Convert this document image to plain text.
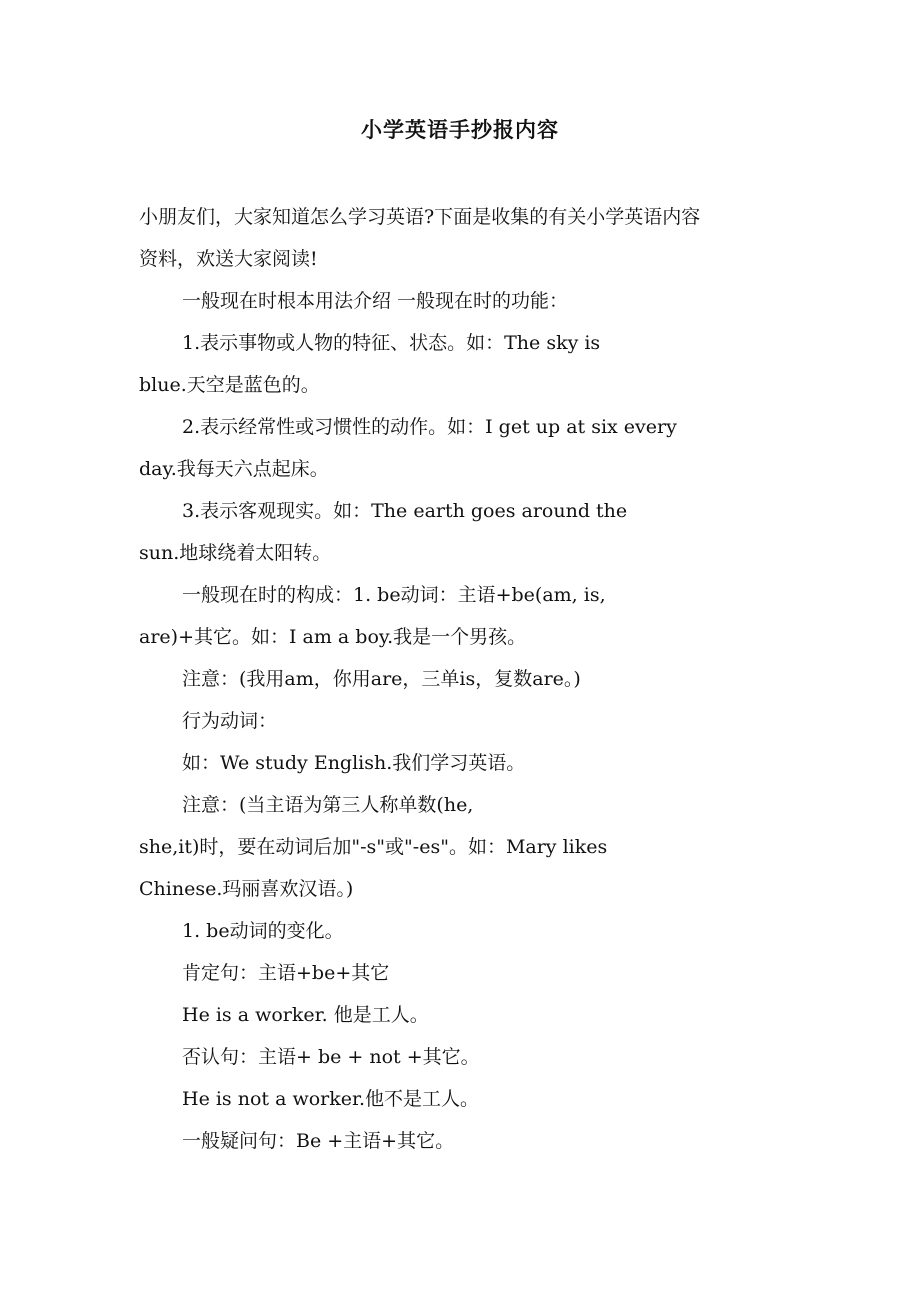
小学英语手抄报内容
小朋友们，大家知道怎么学习英语?下面是收集的有关小学英语内容
资料，欢送大家阅读!
一般现在时根本用法介绍 一般现在时的功能：
1.表示事物或人物的特征、状态。如：The sky is
blue.天空是蓝色的。
2.表示经常性或习惯性的动作。如：I get up at six every
day.我每天六点起床。
3.表示客观现实。如：The earth goes around the
sun.地球绕着太阳转。
一般现在时的构成：1. be动词：主语+be(am, is,
are)+其它。如：I am a boy.我是一个男孩。
注意：(我用am，你用are，三单is，复数are。)
行为动词：
如：We study English.我们学习英语。
注意：(当主语为第三人称单数(he,
she,it)时，要在动词后加"-s"或"-es"。如：Mary likes
Chinese.玛丽喜欢汉语。)
1. be动词的变化。
肯定句：主语+be+其它
He is a worker. 他是工人。
否认句：主语+ be + not +其它。
He is not a worker.他不是工人。
一般疑问句：Be +主语+其它。
